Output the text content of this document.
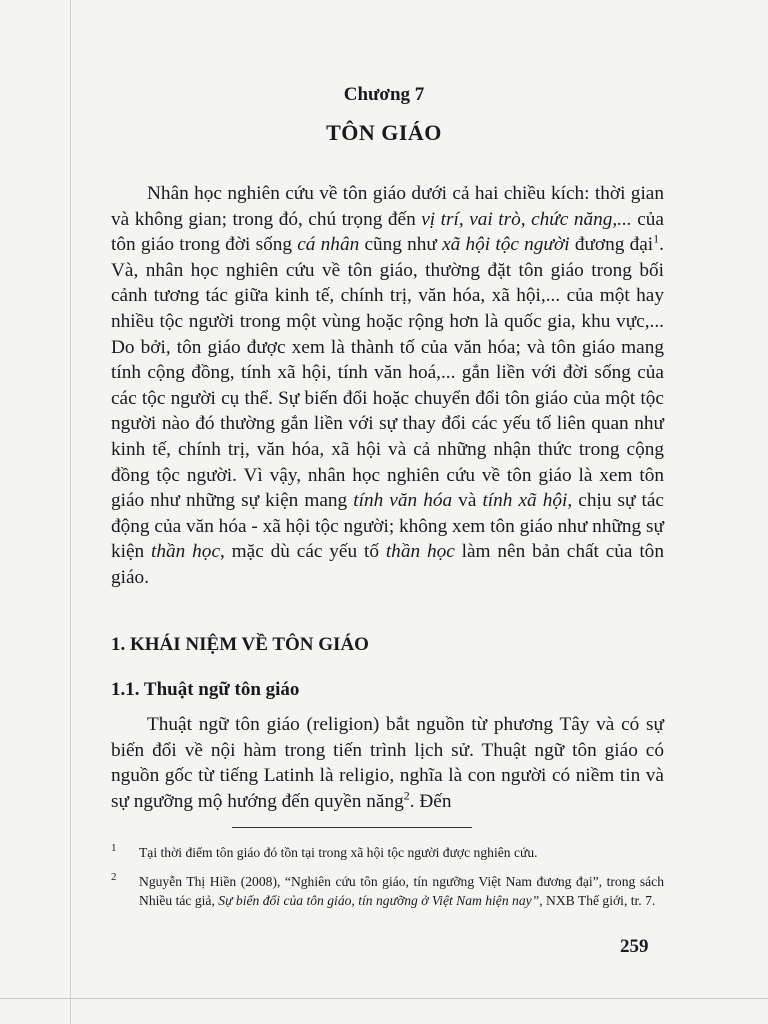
Chương 7
TÔN GIÁO

Nhân học nghiên cứu về tôn giáo dưới cả hai chiều kích: thời gian và không gian; trong đó, chú trọng đến vị trí, vai trò, chức năng,... của tôn giáo trong đời sống cá nhân cũng như xã hội tộc người đương đại$^1$. Và, nhân học nghiên cứu về tôn giáo, thường đặt tôn giáo trong bối cảnh tương tác giữa kinh tế, chính trị, văn hóa, xã hội,... của một hay nhiều tộc người trong một vùng hoặc rộng hơn là quốc gia, khu vực,... Do bởi, tôn giáo được xem là thành tố của văn hóa; và tôn giáo mang tính cộng đồng, tính xã hội, tính văn hoá,... gắn liền với đời sống của các tộc người cụ thể. Sự biến đổi hoặc chuyển đổi tôn giáo của một tộc người nào đó thường gắn liền với sự thay đổi các yếu tố liên quan như kinh tế, chính trị, văn hóa, xã hội và cả những nhận thức trong cộng đồng tộc người. Vì vậy, nhân học nghiên cứu về tôn giáo là xem tôn giáo như những sự kiện mang tính văn hóa và tính xã hội, chịu sự tác động của văn hóa - xã hội tộc người; không xem tôn giáo như những sự kiện thần học, mặc dù các yếu tố thần học làm nên bản chất của tôn giáo.

1. KHÁI NIỆM VỀ TÔN GIÁO
1.1. Thuật ngữ tôn giáo

Thuật ngữ tôn giáo (religion) bắt nguồn từ phương Tây và có sự biến đổi về nội hàm trong tiến trình lịch sử. Thuật ngữ tôn giáo có nguồn gốc từ tiếng Latinh là religio, nghĩa là con người có niềm tin và sự ngưỡng mộ hướng đến quyền năng$^2$. Đến

1 Tại thời điểm tôn giáo đó tồn tại trong xã hội tộc người được nghiên cứu.
2 Nguyễn Thị Hiền (2008), “Nghiên cứu tôn giáo, tín ngưỡng Việt Nam đương đại”, trong sách Nhiều tác giả, Sự biến đổi của tôn giáo, tín ngưỡng ở Việt Nam hiện nay”, NXB Thế giới, tr. 7.
259
